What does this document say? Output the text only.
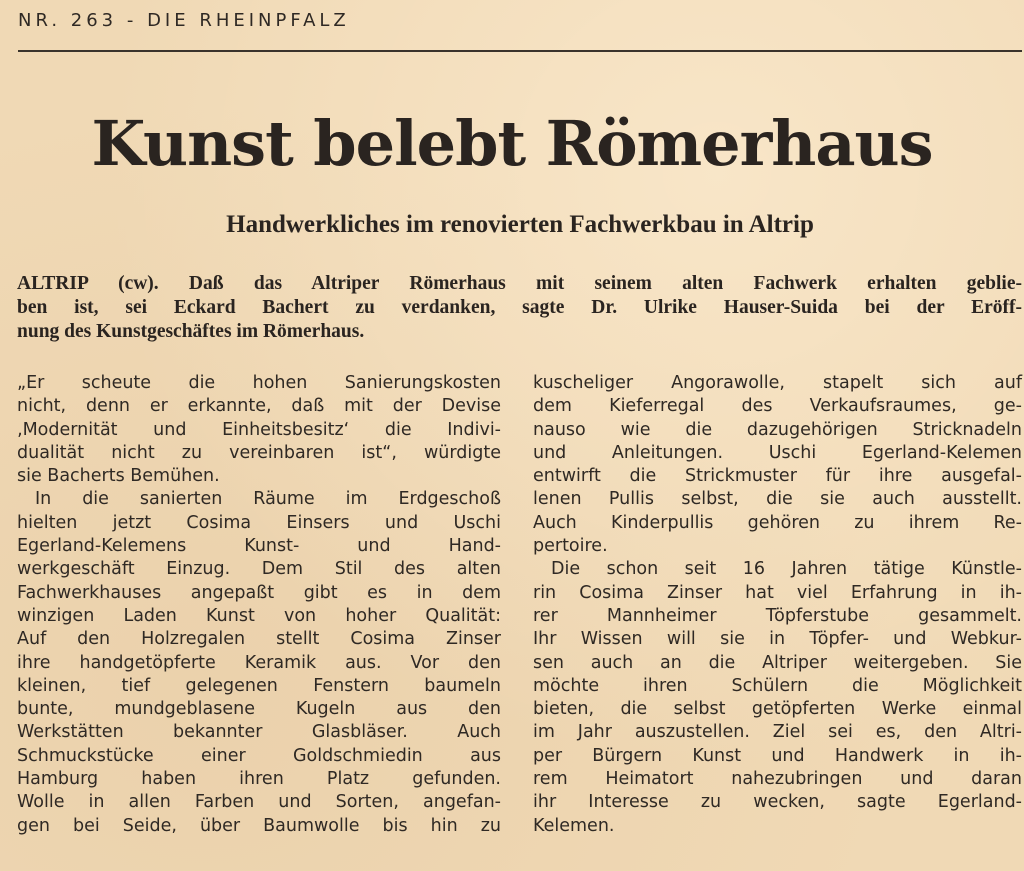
NR. 263 - DIE RHEINPFALZ
Kunst belebt Römerhaus
Handwerkliches im renovierten Fachwerkbau in Altrip
ALTRIP (cw). Daß das Altriper Römerhaus mit seinem alten Fachwerk erhalten geblie-
ben ist, sei Eckard Bachert zu verdanken, sagte Dr. Ulrike Hauser-Suida bei der Eröff-
nung des Kunstgeschäftes im Römerhaus.
„Er scheute die hohen Sanierungskosten
nicht, denn er erkannte, daß mit der Devise
‚Modernität und Einheitsbesitz‘ die Indivi-
dualität nicht zu vereinbaren ist“, würdigte
sie Bacherts Bemühen.
In die sanierten Räume im Erdgeschoß
hielten jetzt Cosima Einsers und Uschi
Egerland-Kelemens Kunst- und Hand-
werkgeschäft Einzug. Dem Stil des alten
Fachwerkhauses angepaßt gibt es in dem
winzigen Laden Kunst von hoher Qualität:
Auf den Holzregalen stellt Cosima Zinser
ihre handgetöpferte Keramik aus. Vor den
kleinen, tief gelegenen Fenstern baumeln
bunte, mundgeblasene Kugeln aus den
Werkstätten bekannter Glasbläser. Auch
Schmuckstücke einer Goldschmiedin aus
Hamburg haben ihren Platz gefunden.
Wolle in allen Farben und Sorten, angefan-
gen bei Seide, über Baumwolle bis hin zu
kuscheliger Angorawolle, stapelt sich auf
dem Kieferregal des Verkaufsraumes, ge-
nauso wie die dazugehörigen Stricknadeln
und Anleitungen. Uschi Egerland-Kelemen
entwirft die Strickmuster für ihre ausgefal-
lenen Pullis selbst, die sie auch ausstellt.
Auch Kinderpullis gehören zu ihrem Re-
pertoire.
Die schon seit 16 Jahren tätige Künstle-
rin Cosima Zinser hat viel Erfahrung in ih-
rer Mannheimer Töpferstube gesammelt.
Ihr Wissen will sie in Töpfer- und Webkur-
sen auch an die Altriper weitergeben. Sie
möchte ihren Schülern die Möglichkeit
bieten, die selbst getöpferten Werke einmal
im Jahr auszustellen. Ziel sei es, den Altri-
per Bürgern Kunst und Handwerk in ih-
rem Heimatort nahezubringen und daran
ihr Interesse zu wecken, sagte Egerland-
Kelemen.
